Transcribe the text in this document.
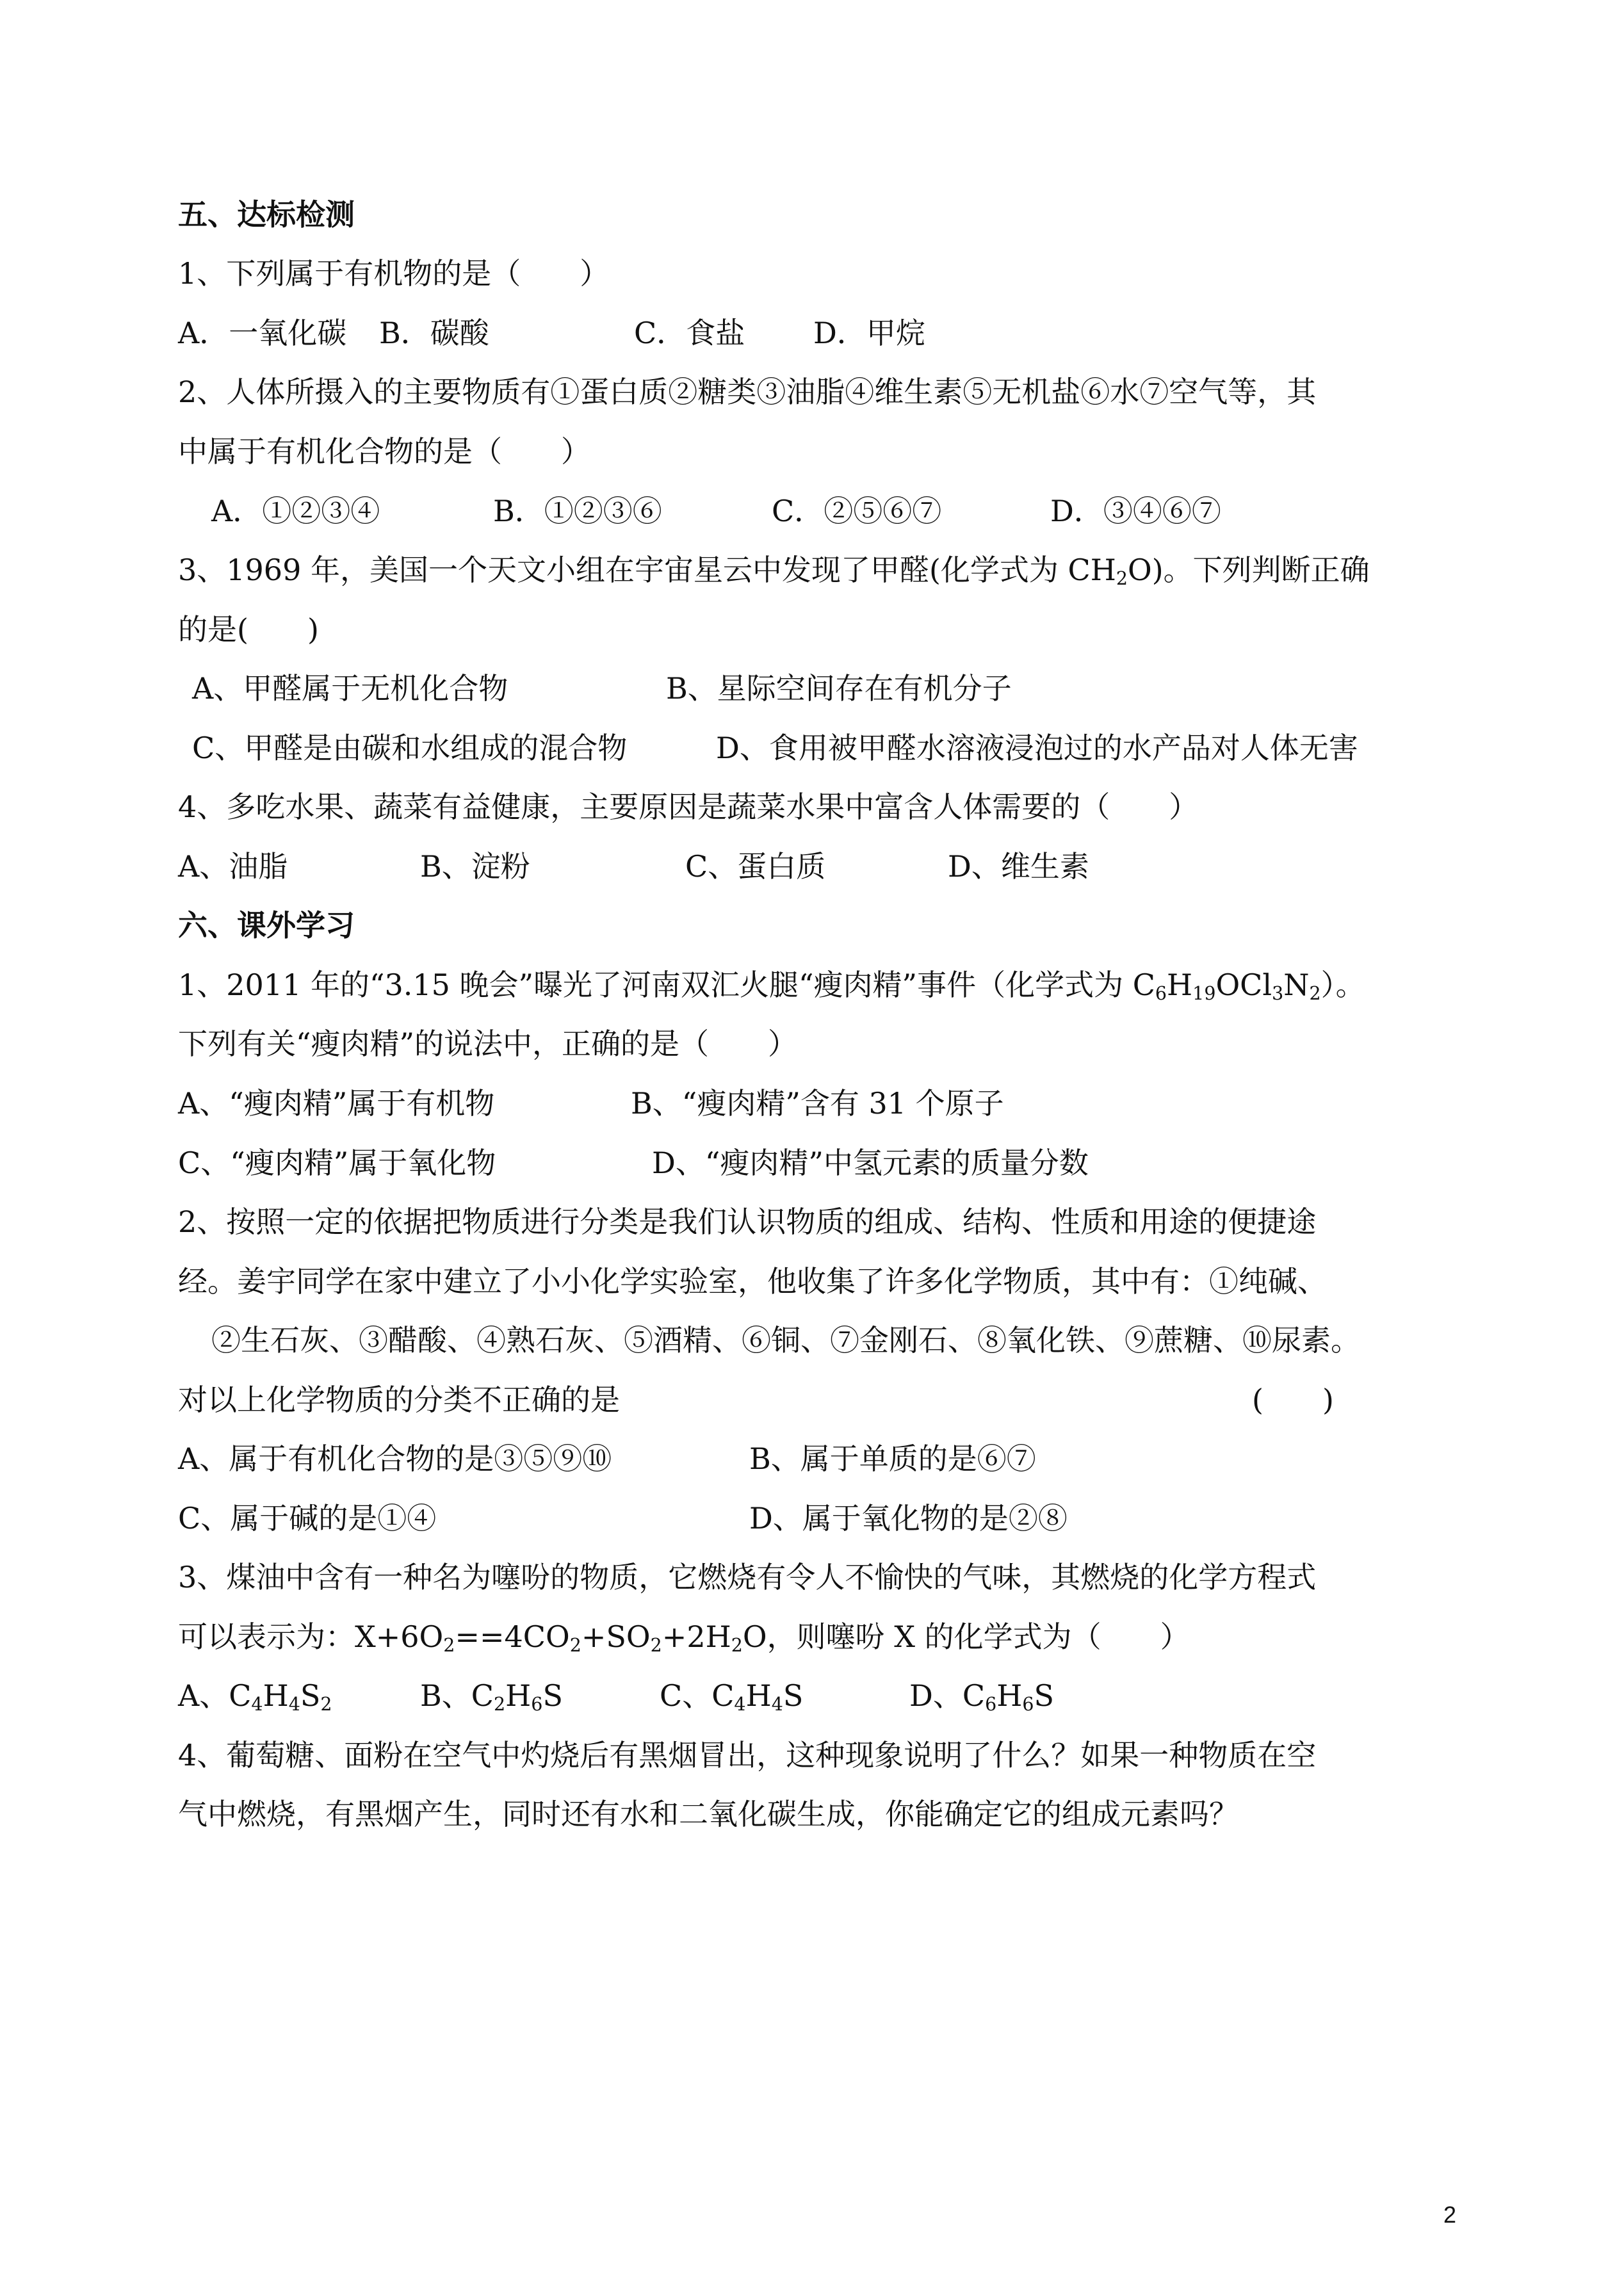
五、达标检测
1、下列属于有机物的是（　　）
A．一氧化碳 B．碳酸	C．食盐 D．甲烷
2、人体所摄入的主要物质有①蛋白质②糖类③油脂④维生素⑤无机盐⑥水⑦空气等，其
中属于有机化合物的是（　　）
A．①②③④	B．①②③⑥	C．②⑤⑥⑦	D．③④⑥⑦
3、1969 年，美国一个天文小组在宇宙星云中发现了甲醛(化学式为 $CH_2O$)。下列判断正确
的是(　　)
A、甲醛属于无机化合物	B、星际空间存在有机分子
C、甲醛是由碳和水组成的混合物	D、食用被甲醛水溶液浸泡过的水产品对人体无害
4、多吃水果、蔬菜有益健康，主要原因是蔬菜水果中富含人体需要的（　　）
A、油脂	B、淀粉	C、蛋白质	D、维生素
六、课外学习
1、2011 年的“3.15 晚会”曝光了河南双汇火腿“瘦肉精”事件（化学式为 $C_6H_{19}OCl_3N_2$）。
下列有关“瘦肉精”的说法中，正确的是（　　）
A、“瘦肉精”属于有机物	B、“瘦肉精”含有 31 个原子
C、“瘦肉精”属于氧化物	D、“瘦肉精”中氢元素的质量分数
2、按照一定的依据把物质进行分类是我们认识物质的组成、结构、性质和用途的便捷途
经。姜宇同学在家中建立了小小化学实验室，他收集了许多化学物质，其中有：①纯碱、
②生石灰、③醋酸、④熟石灰、⑤酒精、⑥铜、⑦金刚石、⑧氧化铁、⑨蔗糖、⑩尿素。
对以上化学物质的分类不正确的是	(　　)
A、属于有机化合物的是③⑤⑨⑩	B、属于单质的是⑥⑦
C、属于碱的是①④	D、属于氧化物的是②⑧
3、煤油中含有一种名为噻吩的物质，它燃烧有令人不愉快的气味，其燃烧的化学方程式
可以表示为：$X+6O_2==4CO_2+SO_2+2H_2O$，则噻吩 X 的化学式为（　　）
A、$C_4H_4S_2$	B、$C_2H_6S$	C、$C_4H_4S$	D、$C_6H_6S$
4、葡萄糖、面粉在空气中灼烧后有黑烟冒出，这种现象说明了什么？如果一种物质在空
气中燃烧，有黑烟产生，同时还有水和二氧化碳生成，你能确定它的组成元素吗？
2
